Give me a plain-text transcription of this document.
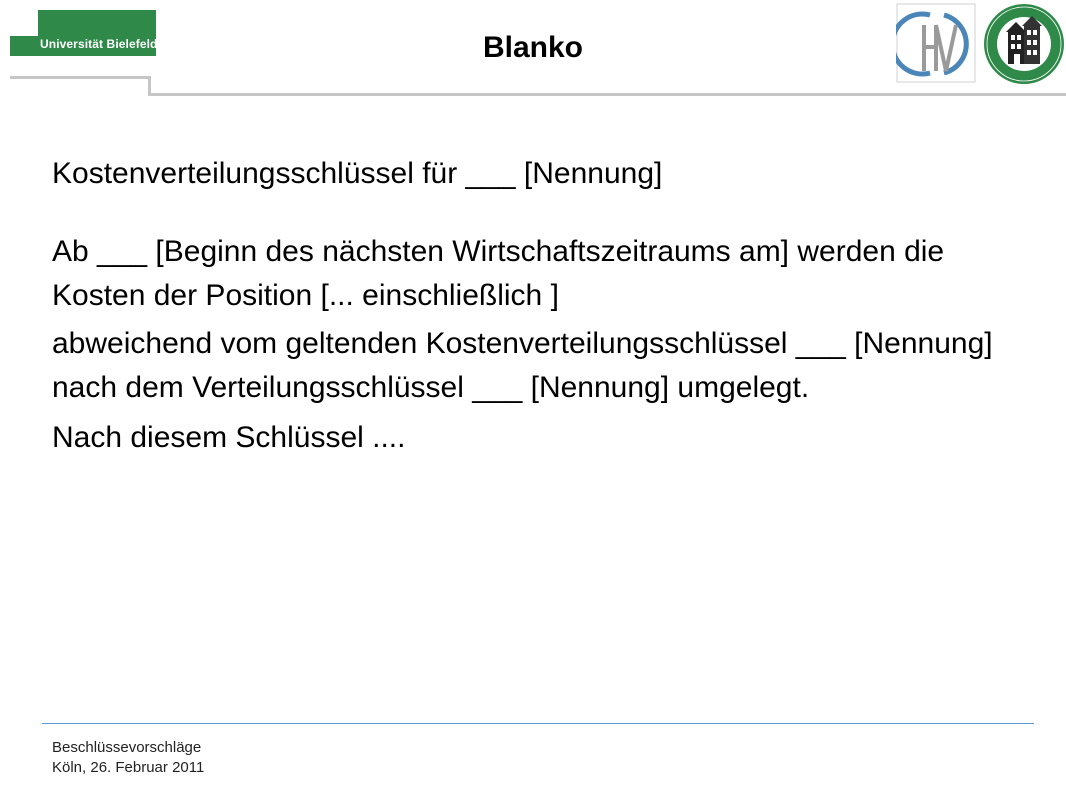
Universität Bielefeld	Blanko

Kostenverteilungsschlüssel für ___ [Nennung]

Ab ___ [Beginn des nächsten Wirtschaftszeitraums am] werden die Kosten der Position [... einschließlich ]

abweichend vom geltenden Kostenverteilungsschlüssel ___ [Nennung] nach dem Verteilungsschlüssel ___ [Nennung] umgelegt.

Nach diesem Schlüssel ....

Beschlüssevorschläge
Köln, 26. Februar 2011
